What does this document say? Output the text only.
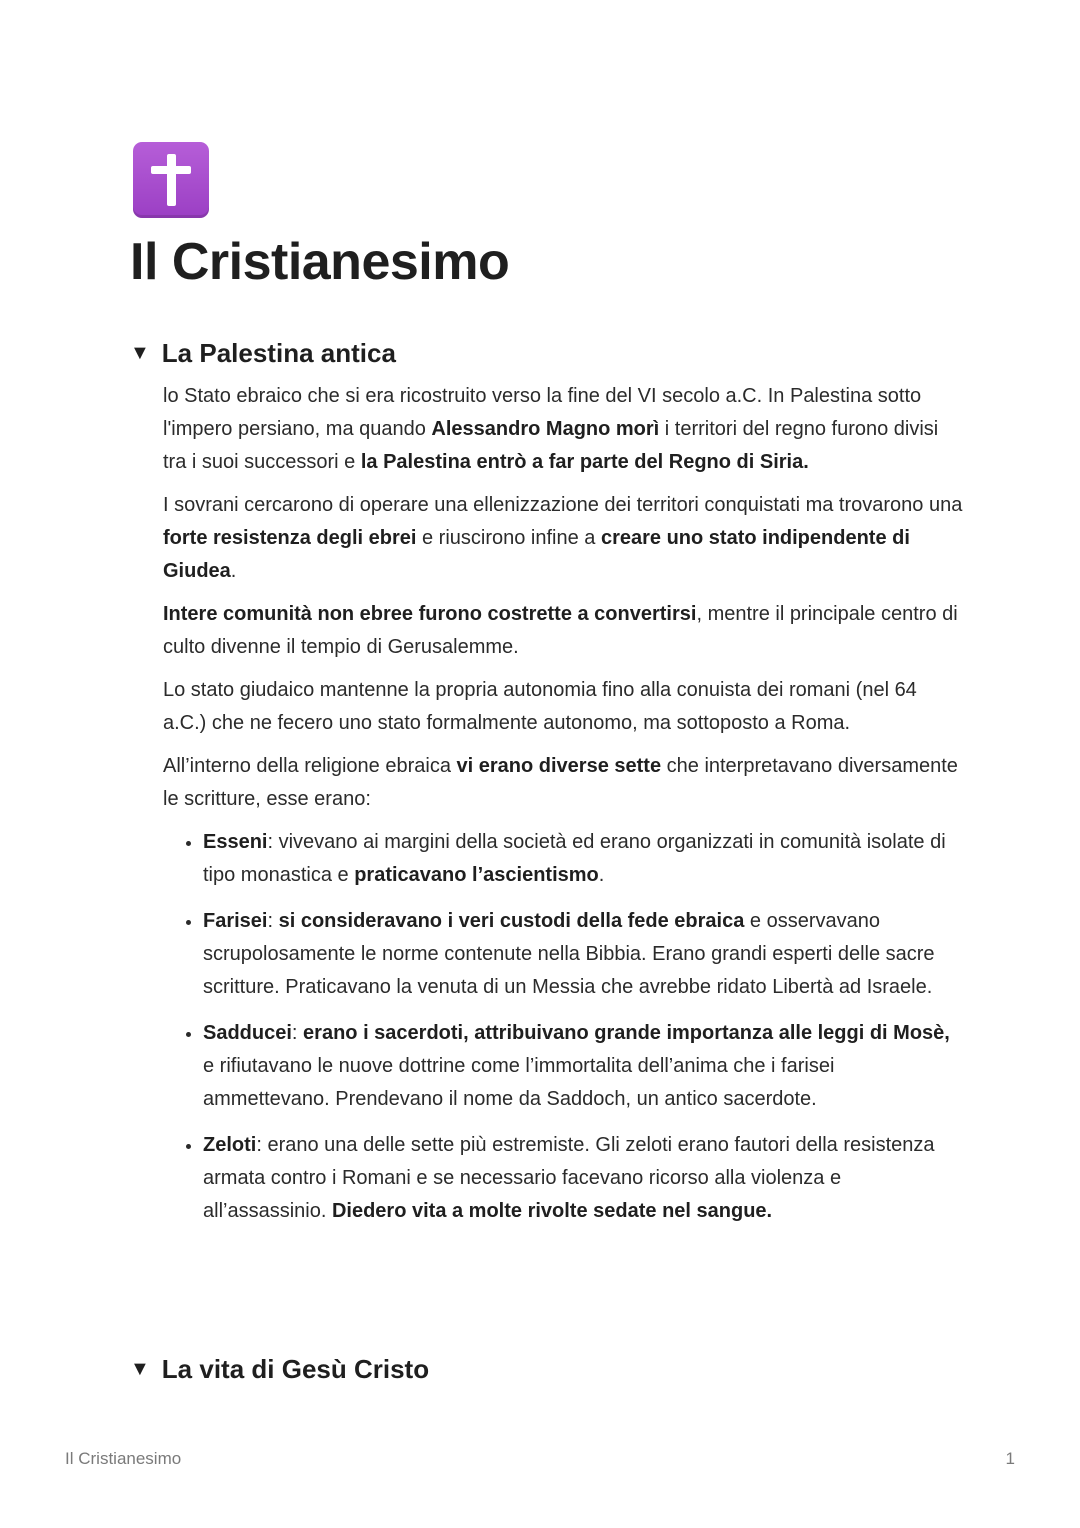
Il Cristianesimo
▼ La Palestina antica

lo Stato ebraico che si era ricostruito verso la fine del VI secolo a.C. In Palestina sotto l'impero persiano, ma quando Alessandro Magno morì i territori del regno furono divisi tra i suoi successori e la Palestina entrò a far parte del Regno di Siria.

I sovrani cercarono di operare una ellenizzazione dei territori conquistati ma trovarono una forte resistenza degli ebrei e riuscirono infine a creare uno stato indipendente di Giudea.

Intere comunità non ebree furono costrette a convertirsi, mentre il principale centro di culto divenne il tempio di Gerusalemme.

Lo stato giudaico mantenne la propria autonomia fino alla conuista dei romani (nel 64 a.C.) che ne fecero uno stato formalmente autonomo, ma sottoposto a Roma.

All’interno della religione ebraica vi erano diverse sette che interpretavano diversamente le scritture, esse erano:

• Esseni: vivevano ai margini della società ed erano organizzati in comunità isolate di tipo monastica e praticavano l’ascientismo.
• Farisei: si consideravano i veri custodi della fede ebraica e osservavano scrupolosamente le norme contenute nella Bibbia. Erano grandi esperti delle sacre scritture. Praticavano la venuta di un Messia che avrebbe ridato Libertà ad Israele.
• Sadducei: erano i sacerdoti, attribuivano grande importanza alle leggi di Mosè, e rifiutavano le nuove dottrine come l’immortalita dell’anima che i farisei ammettevano. Prendevano il nome da Saddoch, un antico sacerdote.
• Zeloti: erano una delle sette più estremiste. Gli zeloti erano fautori della resistenza armata contro i Romani e se necessario facevano ricorso alla violenza e all’assassinio. Diedero vita a molte rivolte sedate nel sangue.
▼ La vita di Gesù Cristo
Il Cristianesimo	1
